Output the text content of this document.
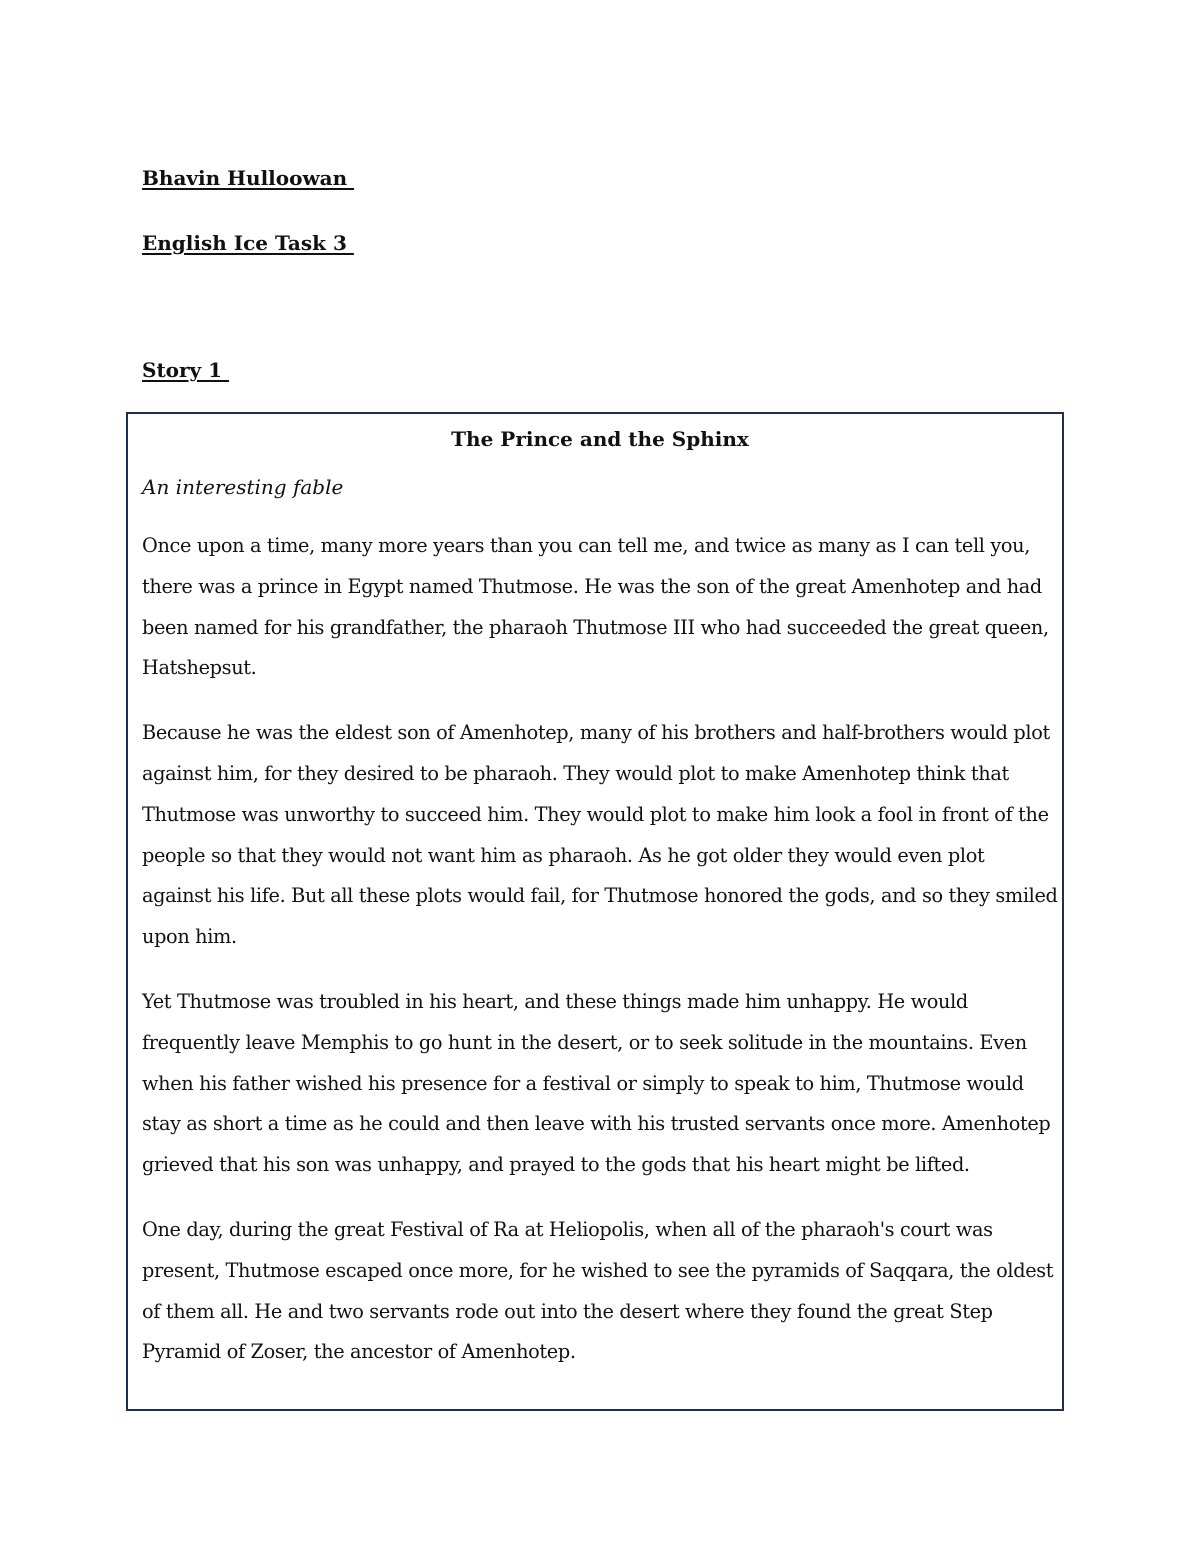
Bhavin Hulloowan

English Ice Task 3

Story 1

The Prince and the Sphinx

An interesting fable

Once upon a time, many more years than you can tell me, and twice as many as I can tell you, there was a prince in Egypt named Thutmose. He was the son of the great Amenhotep and had been named for his grandfather, the pharaoh Thutmose III who had succeeded the great queen, Hatshepsut.

Because he was the eldest son of Amenhotep, many of his brothers and half-brothers would plot against him, for they desired to be pharaoh. They would plot to make Amenhotep think that Thutmose was unworthy to succeed him. They would plot to make him look a fool in front of the people so that they would not want him as pharaoh. As he got older they would even plot against his life. But all these plots would fail, for Thutmose honored the gods, and so they smiled upon him.

Yet Thutmose was troubled in his heart, and these things made him unhappy. He would frequently leave Memphis to go hunt in the desert, or to seek solitude in the mountains. Even when his father wished his presence for a festival or simply to speak to him, Thutmose would stay as short a time as he could and then leave with his trusted servants once more. Amenhotep grieved that his son was unhappy, and prayed to the gods that his heart might be lifted.

One day, during the great Festival of Ra at Heliopolis, when all of the pharaoh's court was present, Thutmose escaped once more, for he wished to see the pyramids of Saqqara, the oldest of them all. He and two servants rode out into the desert where they found the great Step Pyramid of Zoser, the ancestor of Amenhotep.
